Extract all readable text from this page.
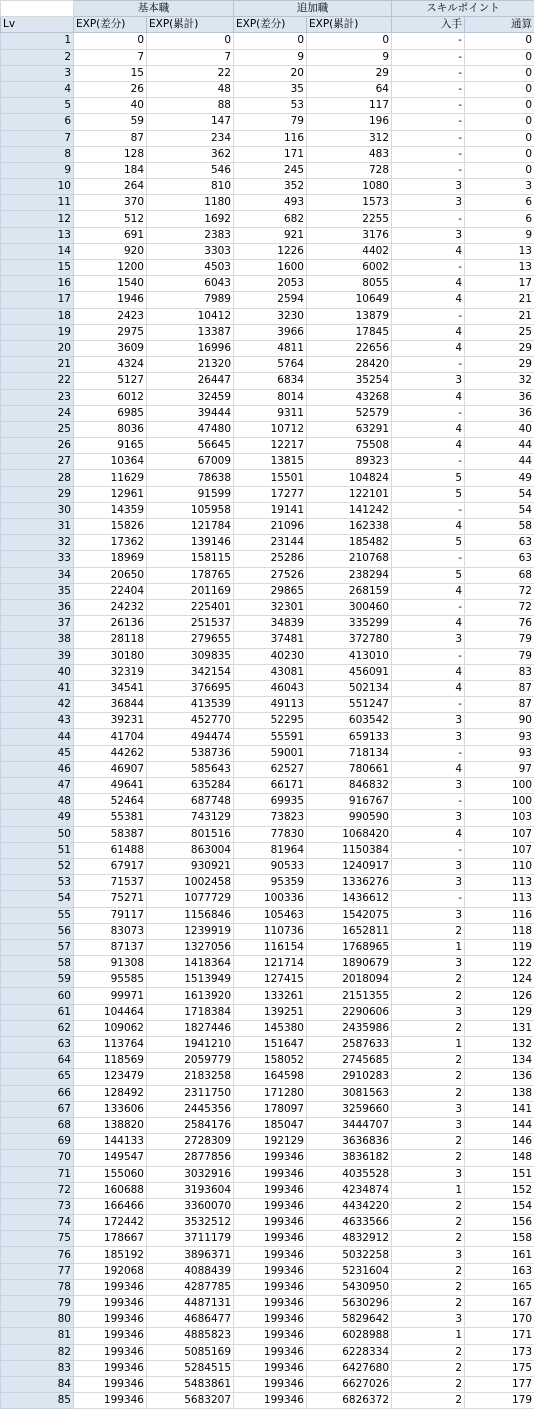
	基本職		追加職		スキルポイント	
Lv	EXP(差分)	EXP(累計)	EXP(差分)	EXP(累計)	入手	通算
1	0	0	0	0	-	0
2	7	7	9	9	-	0
3	15	22	20	29	-	0
4	26	48	35	64	-	0
5	40	88	53	117	-	0
6	59	147	79	196	-	0
7	87	234	116	312	-	0
8	128	362	171	483	-	0
9	184	546	245	728	-	0
10	264	810	352	1080	3	3
11	370	1180	493	1573	3	6
12	512	1692	682	2255	-	6
13	691	2383	921	3176	3	9
14	920	3303	1226	4402	4	13
15	1200	4503	1600	6002	-	13
16	1540	6043	2053	8055	4	17
17	1946	7989	2594	10649	4	21
18	2423	10412	3230	13879	-	21
19	2975	13387	3966	17845	4	25
20	3609	16996	4811	22656	4	29
21	4324	21320	5764	28420	-	29
22	5127	26447	6834	35254	3	32
23	6012	32459	8014	43268	4	36
24	6985	39444	9311	52579	-	36
25	8036	47480	10712	63291	4	40
26	9165	56645	12217	75508	4	44
27	10364	67009	13815	89323	-	44
28	11629	78638	15501	104824	5	49
29	12961	91599	17277	122101	5	54
30	14359	105958	19141	141242	-	54
31	15826	121784	21096	162338	4	58
32	17362	139146	23144	185482	5	63
33	18969	158115	25286	210768	-	63
34	20650	178765	27526	238294	5	68
35	22404	201169	29865	268159	4	72
36	24232	225401	32301	300460	-	72
37	26136	251537	34839	335299	4	76
38	28118	279655	37481	372780	3	79
39	30180	309835	40230	413010	-	79
40	32319	342154	43081	456091	4	83
41	34541	376695	46043	502134	4	87
42	36844	413539	49113	551247	-	87
43	39231	452770	52295	603542	3	90
44	41704	494474	55591	659133	3	93
45	44262	538736	59001	718134	-	93
46	46907	585643	62527	780661	4	97
47	49641	635284	66171	846832	3	100
48	52464	687748	69935	916767	-	100
49	55381	743129	73823	990590	3	103
50	58387	801516	77830	1068420	4	107
51	61488	863004	81964	1150384	-	107
52	67917	930921	90533	1240917	3	110
53	71537	1002458	95359	1336276	3	113
54	75271	1077729	100336	1436612	-	113
55	79117	1156846	105463	1542075	3	116
56	83073	1239919	110736	1652811	2	118
57	87137	1327056	116154	1768965	1	119
58	91308	1418364	121714	1890679	3	122
59	95585	1513949	127415	2018094	2	124
60	99971	1613920	133261	2151355	2	126
61	104464	1718384	139251	2290606	3	129
62	109062	1827446	145380	2435986	2	131
63	113764	1941210	151647	2587633	1	132
64	118569	2059779	158052	2745685	2	134
65	123479	2183258	164598	2910283	2	136
66	128492	2311750	171280	3081563	2	138
67	133606	2445356	178097	3259660	3	141
68	138820	2584176	185047	3444707	3	144
69	144133	2728309	192129	3636836	2	146
70	149547	2877856	199346	3836182	2	148
71	155060	3032916	199346	4035528	3	151
72	160688	3193604	199346	4234874	1	152
73	166466	3360070	199346	4434220	2	154
74	172442	3532512	199346	4633566	2	156
75	178667	3711179	199346	4832912	2	158
76	185192	3896371	199346	5032258	3	161
77	192068	4088439	199346	5231604	2	163
78	199346	4287785	199346	5430950	2	165
79	199346	4487131	199346	5630296	2	167
80	199346	4686477	199346	5829642	3	170
81	199346	4885823	199346	6028988	1	171
82	199346	5085169	199346	6228334	2	173
83	199346	5284515	199346	6427680	2	175
84	199346	5483861	199346	6627026	2	177
85	199346	5683207	199346	6826372	2	179
